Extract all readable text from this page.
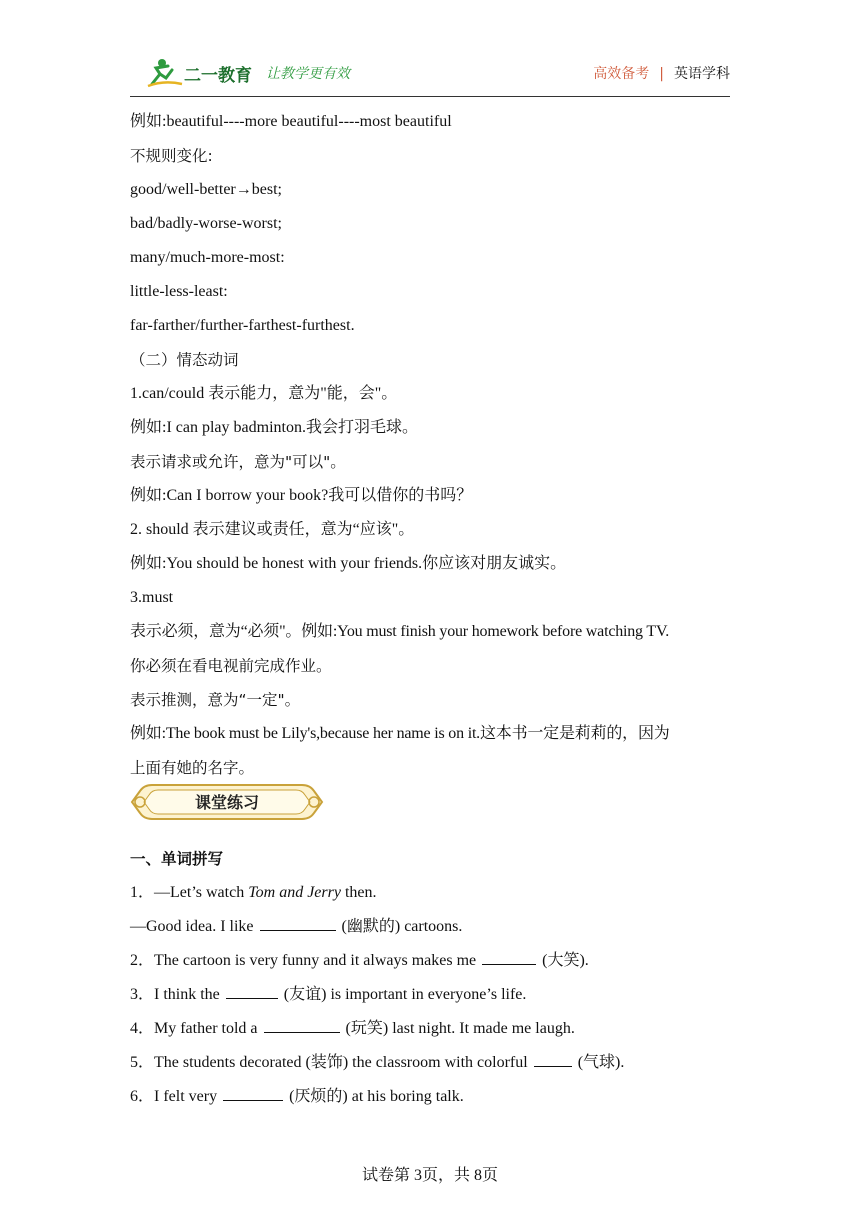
二一教育 让教学更有效	高效备考 | 英语学科
例如:beautiful----more beautiful----most beautiful
不规则变化:
good/well-better→best;
bad/badly-worse-worst;
many/much-more-most:
little-less-least:
far-farther/further-farthest-furthest.
（二）情态动词
1.can/could 表示能力，意为"能，会"。
例如:I can play badminton.我会打羽毛球。
表示请求或允许，意为"可以"。
例如:Can I borrow your book?我可以借你的书吗？
2. should 表示建议或责任，意为“应该"。
例如:You should be honest with your friends.你应该对朋友诚实。
3.must
表示必须，意为“必须"。例如:You must finish your homework before watching TV.
你必须在看电视前完成作业。
表示推测，意为“一定"。
例如:The book must be Lily's,because her name is on it.这本书一定是莉莉的，因为
上面有她的名字。
课堂练习
一、单词拼写
1．—Let’s watch Tom and Jerry then.
—Good idea. I like	(幽默的) cartoons.
2．The cartoon is very funny and it always makes me	(大笑).
3．I think the	(友谊) is important in everyone’s life.
4．My father told a	(玩笑) last night. It made me laugh.
5．The students decorated (装饰) the classroom with colorful	(气球).
6．I felt very	(厌烦的) at his boring talk.
试卷第 3页，共 8页
